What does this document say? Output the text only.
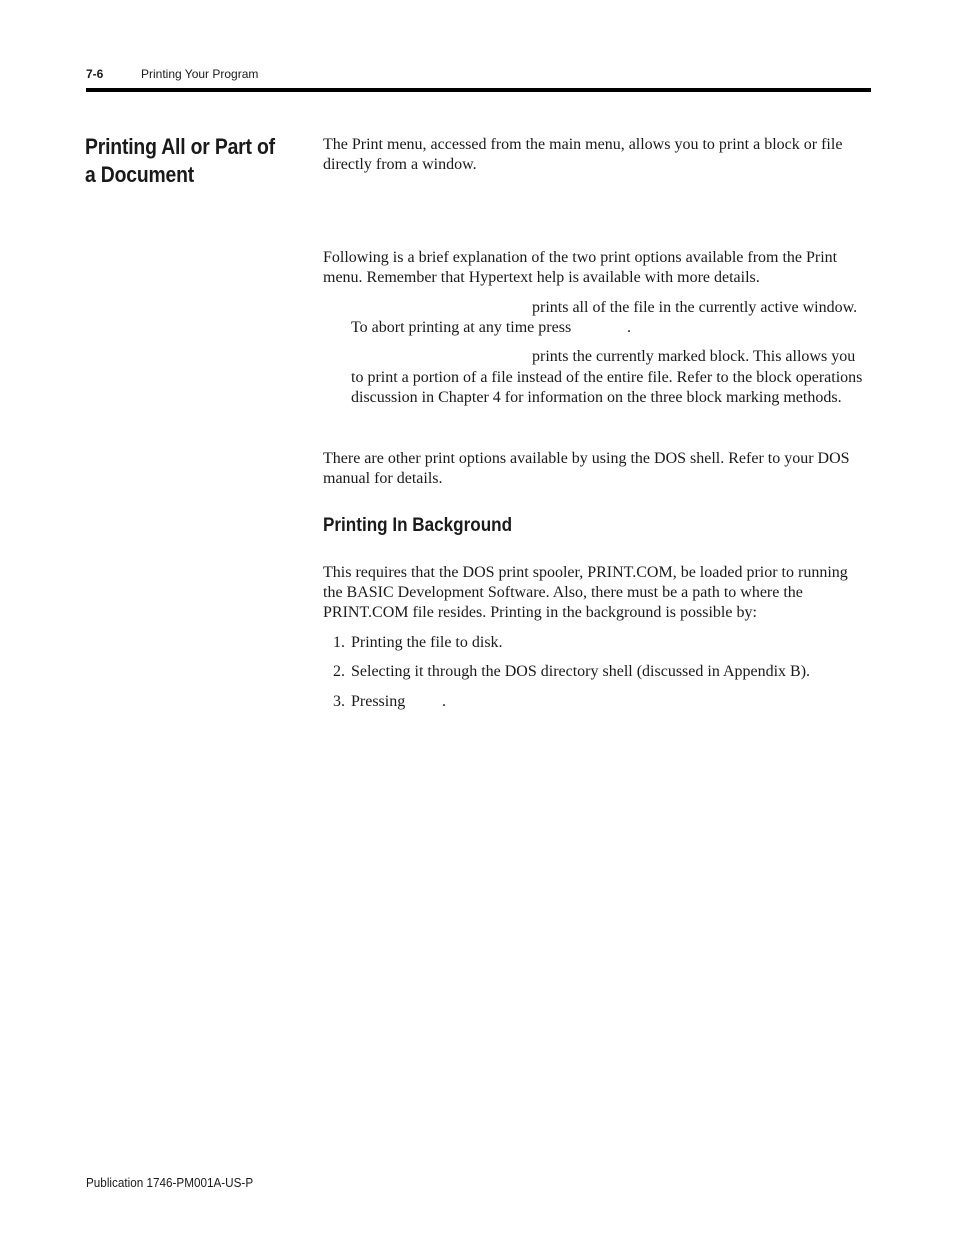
7-6	Printing Your Program
Printing All or Part of a Document
The Print menu, accessed from the main menu, allows you to print a block or file directly from a window.
Following is a brief explanation of the two print options available from the Print menu. Remember that Hypertext help is available with more details.
prints all of the file in the currently active window.
To abort printing at any time press	.
prints the currently marked block. This allows you
to print a portion of a file instead of the entire file. Refer to the block operations discussion in Chapter 4 for information on the three block marking methods.
There are other print options available by using the DOS shell. Refer to your DOS manual for details.
Printing In Background
This requires that the DOS print spooler, PRINT.COM, be loaded prior to running the BASIC Development Software. Also, there must be a path to where the PRINT.COM file resides. Printing in the background is possible by:
1. Printing the file to disk.
2. Selecting it through the DOS directory shell (discussed in Appendix B).
3. Pressing .
Publication 1746-PM001A-US-P
